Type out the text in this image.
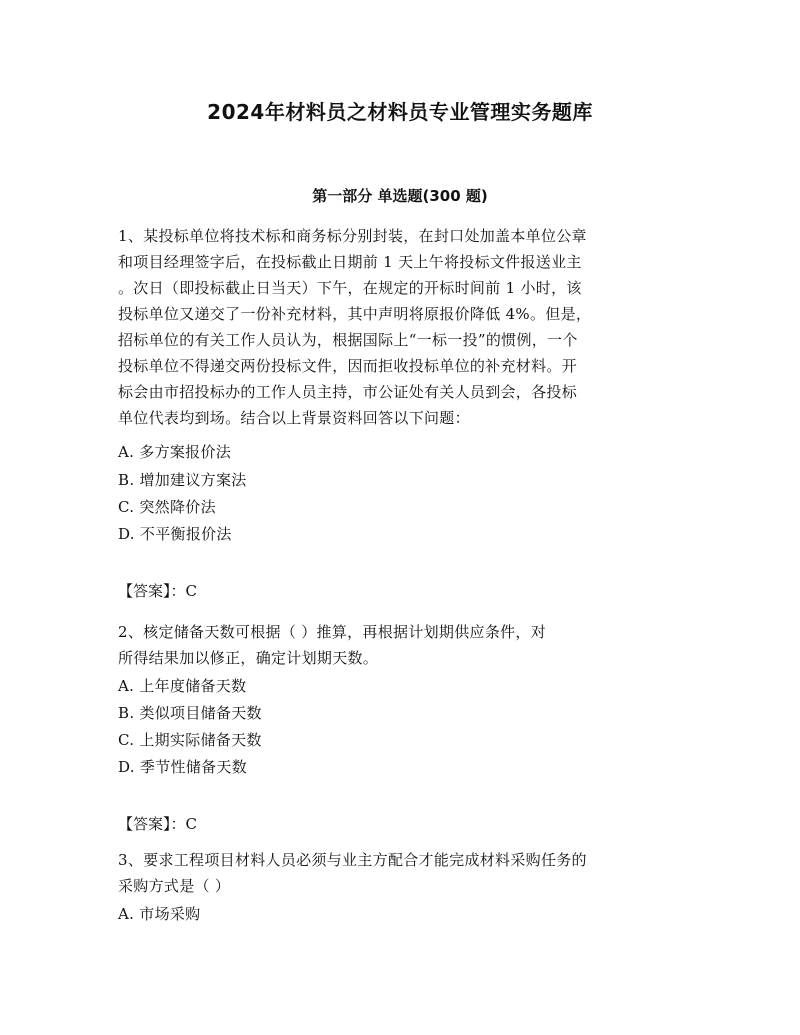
2024年材料员之材料员专业管理实务题库
第一部分 单选题(300 题)
1、某投标单位将技术标和商务标分别封装，在封口处加盖本单位公章
和项目经理签字后，在投标截止日期前 1 天上午将投标文件报送业主
。次日（即投标截止日当天）下午，在规定的开标时间前 1 小时，该
投标单位又递交了一份补充材料，其中声明将原报价降低 4%。但是，
招标单位的有关工作人员认为，根据国际上“一标一投”的惯例，一个
投标单位不得递交两份投标文件，因而拒收投标单位的补充材料。开
标会由市招投标办的工作人员主持，市公证处有关人员到会，各投标
单位代表均到场。结合以上背景资料回答以下问题：
A. 多方案报价法
B. 增加建议方案法
C. 突然降价法
D. 不平衡报价法
【答案】：C
2、核定储备天数可根据（ ）推算，再根据计划期供应条件，对
所得结果加以修正，确定计划期天数。
A. 上年度储备天数
B. 类似项目储备天数
C. 上期实际储备天数
D. 季节性储备天数
【答案】：C
3、要求工程项目材料人员必须与业主方配合才能完成材料采购任务的
采购方式是（ ）
A. 市场采购
